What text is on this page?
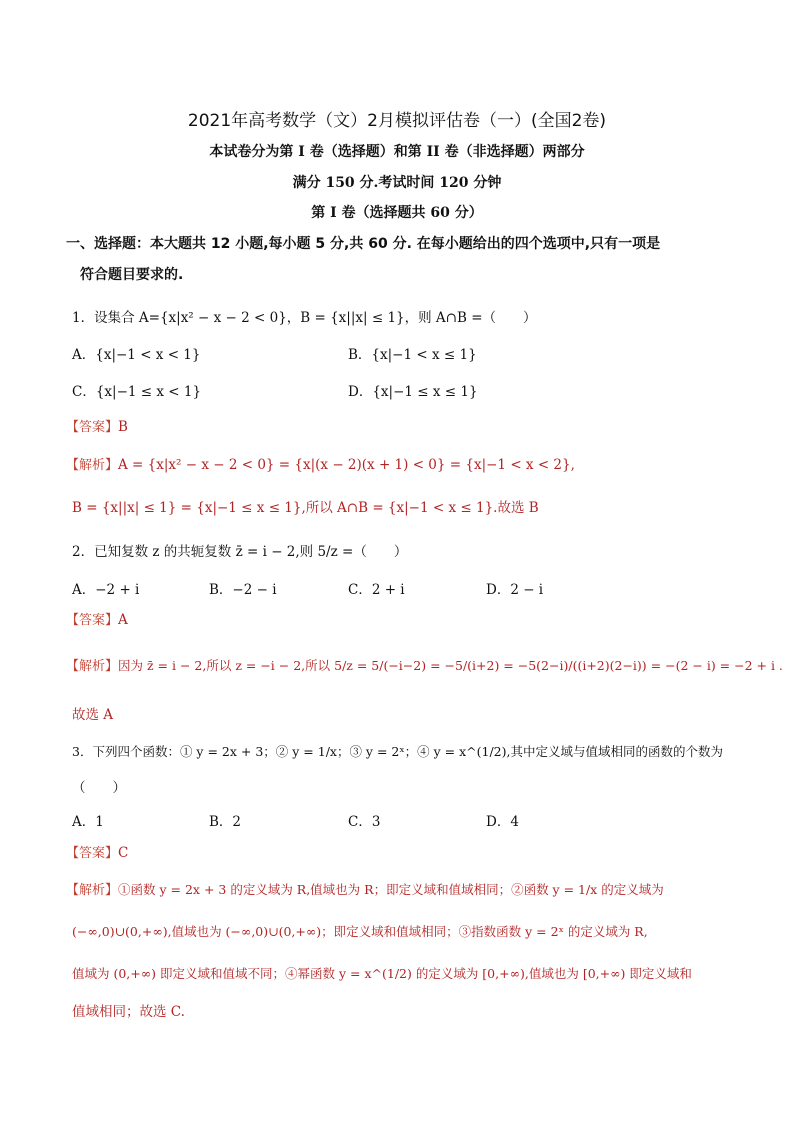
2021年高考数学（文）2月模拟评估卷（一）(全国2卷)
本试卷分为第 I 卷（选择题）和第 II 卷（非选择题）两部分
满分 150 分.考试时间 120 分钟
第 I 卷（选择题共 60 分）
一、选择题：本大题共 12 小题,每小题 5 分,共 60 分. 在每小题给出的四个选项中,只有一项是
符合题目要求的.
1．设集合 A={x|x² − x − 2 < 0}，B = {x||x| ≤ 1}，则 A∩B =（　　）
A．{x|−1 < x < 1}	B．{x|−1 < x ≤ 1}
C．{x|−1 ≤ x < 1}	D．{x|−1 ≤ x ≤ 1}
【答案】B
【解析】A = {x|x² − x − 2 < 0} = {x|(x − 2)(x + 1) < 0} = {x|−1 < x < 2},
B = {x||x| ≤ 1} = {x|−1 ≤ x ≤ 1},所以 A∩B = {x|−1 < x ≤ 1}.故选 B
2．已知复数 z 的共轭复数 z̄ = i − 2,则 5/z =（　　）
A．−2 + i	B．−2 − i	C．2 + i	D．2 − i
【答案】A
【解析】因为 z̄ = i − 2,所以 z = −i − 2,所以 5/z = 5/(−i−2) = −5/(i+2) = −5(2−i)/((i+2)(2−i)) = −(2 − i) = −2 + i .
故选 A
3．下列四个函数：① y = 2x + 3；② y = 1/x；③ y = 2ˣ；④ y = x^(1/2),其中定义域与值域相同的函数的个数为
（　　）
A．1	B．2	C．3	D．4
【答案】C
【解析】①函数 y = 2x + 3 的定义域为 R,值域也为 R；即定义域和值域相同；②函数 y = 1/x 的定义域为
(−∞,0)∪(0,+∞),值域也为 (−∞,0)∪(0,+∞)；即定义域和值域相同；③指数函数 y = 2ˣ 的定义域为 R,
值域为 (0,+∞) 即定义域和值域不同；④幂函数 y = x^(1/2) 的定义域为 [0,+∞),值域也为 [0,+∞) 即定义域和
值域相同；故选 C.
